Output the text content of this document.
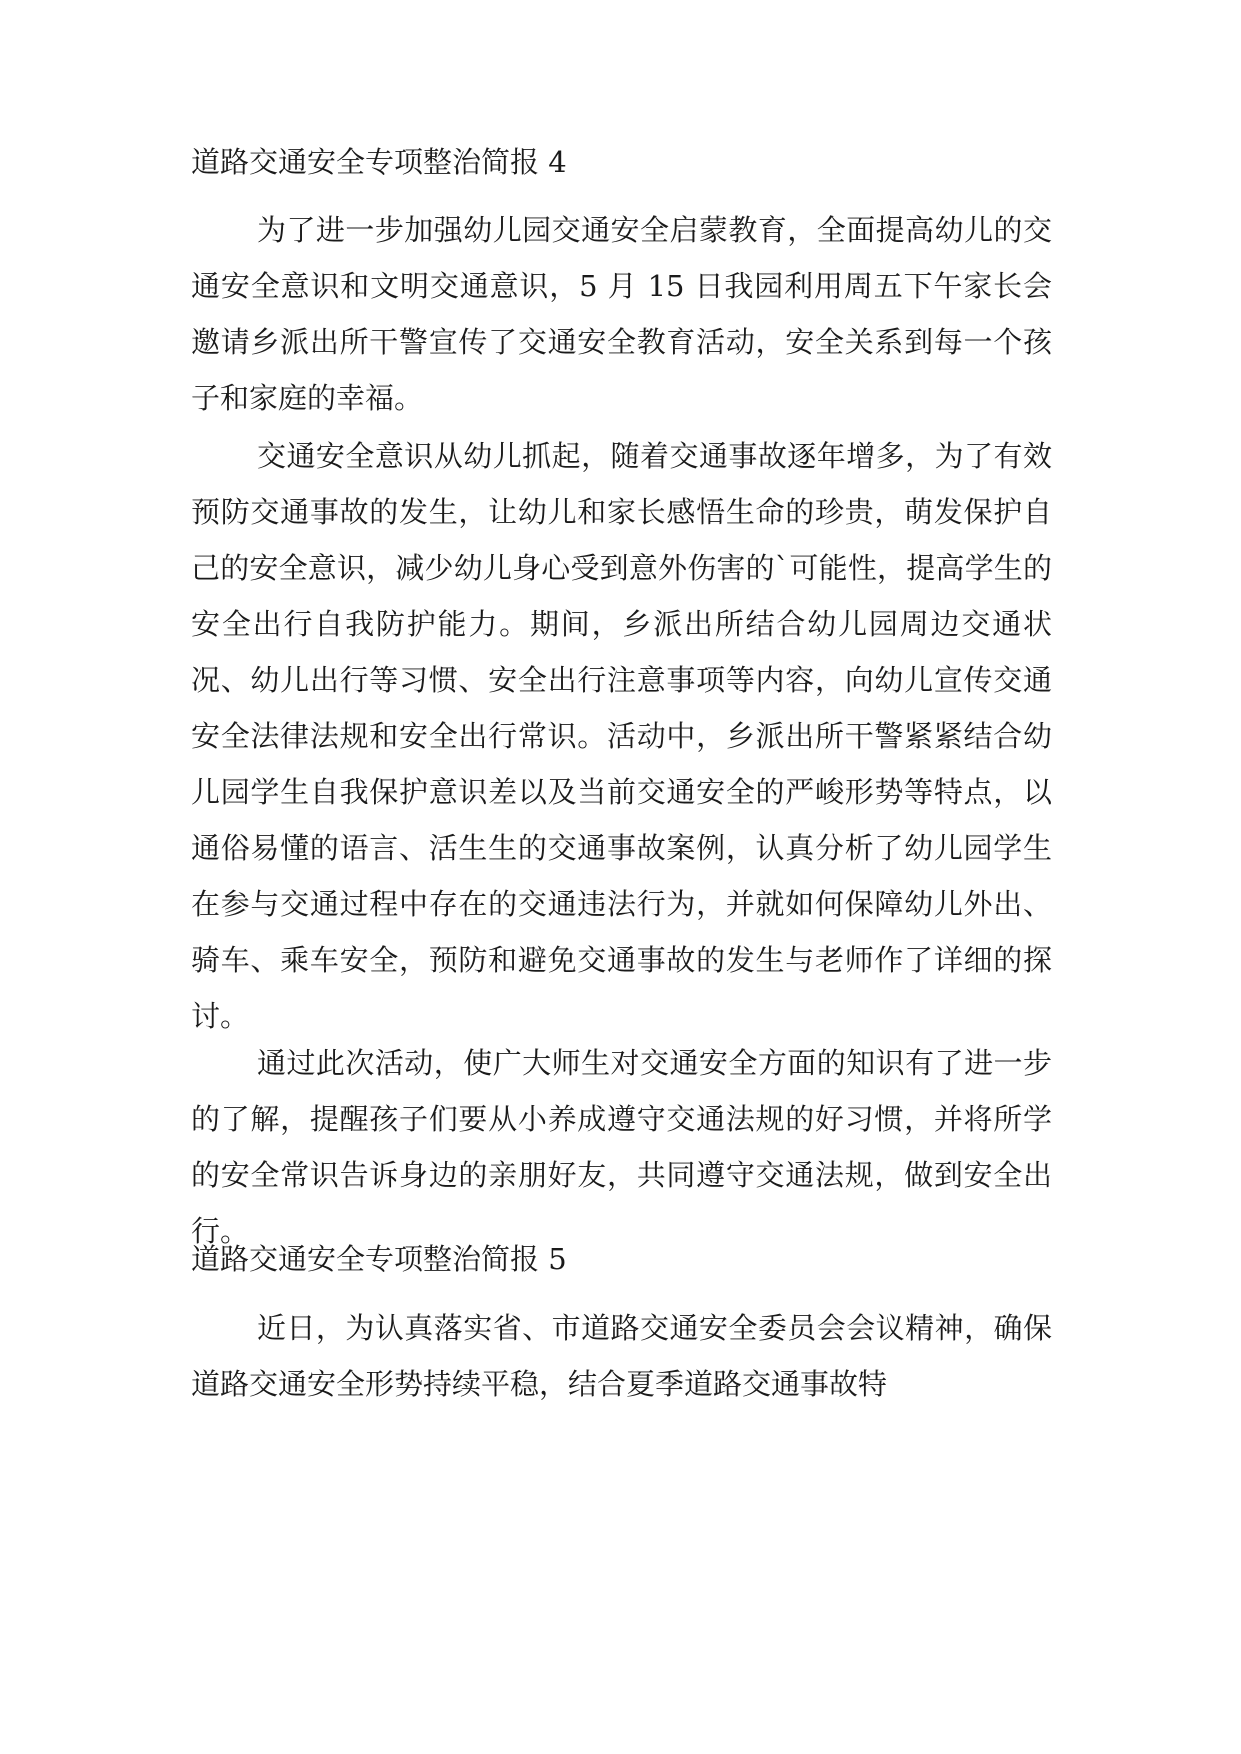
道路交通安全专项整治简报 4

为了进一步加强幼儿园交通安全启蒙教育，全面提高幼儿的交通安全意识和文明交通意识，5 月 15 日我园利用周五下午家长会邀请乡派出所干警宣传了交通安全教育活动，安全关系到每一个孩子和家庭的幸福。

交通安全意识从幼儿抓起，随着交通事故逐年增多，为了有效预防交通事故的发生，让幼儿和家长感悟生命的珍贵，萌发保护自己的安全意识，减少幼儿身心受到意外伤害的`可能性，提高学生的安全出行自我防护能力。期间，乡派出所结合幼儿园周边交通状况、幼儿出行等习惯、安全出行注意事项等内容，向幼儿宣传交通安全法律法规和安全出行常识。活动中，乡派出所干警紧紧结合幼儿园学生自我保护意识差以及当前交通安全的严峻形势等特点，以通俗易懂的语言、活生生的交通事故案例，认真分析了幼儿园学生在参与交通过程中存在的交通违法行为，并就如何保障幼儿外出、骑车、乘车安全，预防和避免交通事故的发生与老师作了详细的探讨。

通过此次活动，使广大师生对交通安全方面的知识有了进一步的了解，提醒孩子们要从小养成遵守交通法规的好习惯，并将所学的安全常识告诉身边的亲朋好友，共同遵守交通法规，做到安全出行。

道路交通安全专项整治简报 5

近日，为认真落实省、市道路交通安全委员会会议精神，确保道路交通安全形势持续平稳，结合夏季道路交通事故特
